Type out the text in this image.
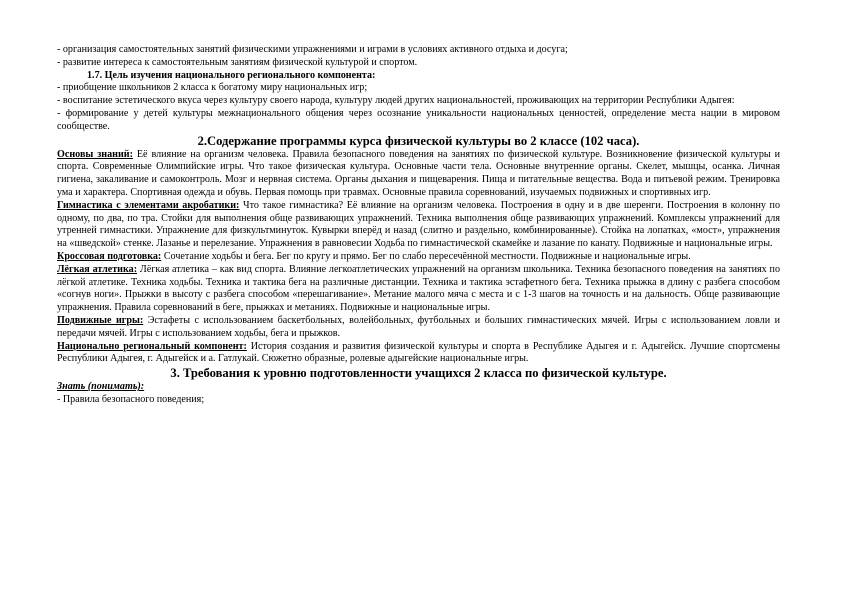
- организация самостоятельных занятий физическими упражнениями и играми в условиях активного отдыха и досуга;

- развитие интереса к самостоятельным занятиям физической культурой и спортом.

1.7. Цель изучения национального регионального компонента:

- приобщение школьников 2 класса к богатому миру национальных игр;

- воспитание эстетического вкуса через культуру своего народа, культуру людей других национальностей, проживающих на территории Республики Адыгея:

- формирование у детей культуры межнационального общения через осознание уникальности национальных ценностей, определение места нации в мировом сообществе.

2.Содержание программы курса физической культуры во 2 классе (102 часа).

Основы знаний: Её влияние на организм человека. Правила безопасного поведения на занятиях по физической культуре. Возникновение физической культуры и спорта. Современные Олимпийские игры. Что такое физическая культура. Основные части тела. Основные внутренние органы. Скелет, мышцы, осанка. Личная гигиена, закаливание и самоконтроль. Мозг и нервная система. Органы дыхания и пищеварения. Пища и питательные вещества. Вода и питьевой режим. Тренировка ума и характера. Спортивная одежда и обувь. Первая помощь при травмах. Основные правила соревнований, изучаемых подвижных и спортивных игр.

Гимнастика с элементами акробатики: Что такое гимнастика? Её влияние на организм человека. Построения в одну и в две шеренги. Построения в колонну по одному, по два, по тра. Стойки для выполнения обще развивающих упражнений. Техника выполнения обще развивающих упражнений. Комплексы упражнений для утренней гимнастики. Упражнение для физкультминуток. Кувырки вперёд и назад (слитно и раздельно, комбинированные). Стойка на лопатках, «мост», упражнения на «шведской» стенке. Лазанье и перелезание. Упражнения в равновесии Ходьба по гимнастической скамейке и лазание по канату. Подвижные и национальные игры.

Кроссовая подготовка: Сочетание ходьбы и бега. Бег по кругу и прямо. Бег по слабо пересечённой местности. Подвижные и национальные игры.

Лёгкая атлетика: Лёгкая атлетика – как вид спорта. Влияние легкоатлетических упражнений на организм школьника. Техника безопасного поведения на занятиях по лёгкой атлетике. Техника ходьбы. Техника и тактика бега на различные дистанции. Техника и тактика эстафетного бега. Техника прыжка в длину с разбега способом «согнув ноги». Прыжки в высоту с разбега способом «перешагивание». Метание малого мяча с места и с 1-3 шагов на точность и на дальность. Обще развивающие упражнения. Правила соревнований в беге, прыжках и метаниях. Подвижные и национальные игры.

Подвижные игры: Эстафеты с использованием баскетбольных, волейбольных, футбольных и больших гимнастических мячей. Игры с использованием ловли и передачи мячей. Игры с использованием ходьбы, бега и прыжков.

Национально региональный компонент: История создания и развития физической культуры и спорта в Республике Адыгея и г. Адыгейск. Лучшие спортсмены Республики Адыгея, г. Адыгейск и а. Гатлукай. Сюжетно образные, ролевые адыгейские национальные игры.

3. Требования к уровню подготовленности учащихся 2 класса по физической культуре.

Знать (понимать):

- Правила безопасного поведения;
